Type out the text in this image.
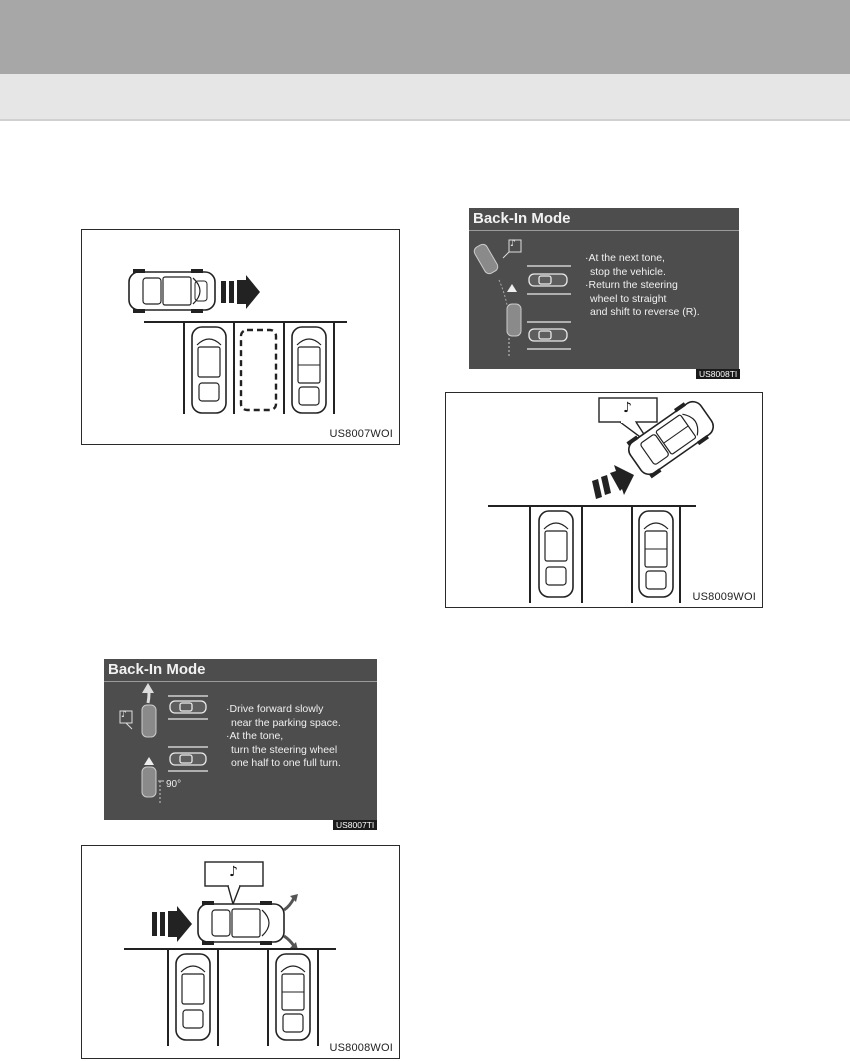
US8007WOI
Back-In Mode
♪
90°
·Drive forward slowly
near the parking space.
·At the tone,
turn the steering wheel
one half to one full turn.
US8007TI
♪
US8008WOI
Back-In Mode
♪
·At the next tone,
stop the vehicle.
·Return the steering
wheel to straight
and shift to reverse (R).
US8008TI
♪
US8009WOI
